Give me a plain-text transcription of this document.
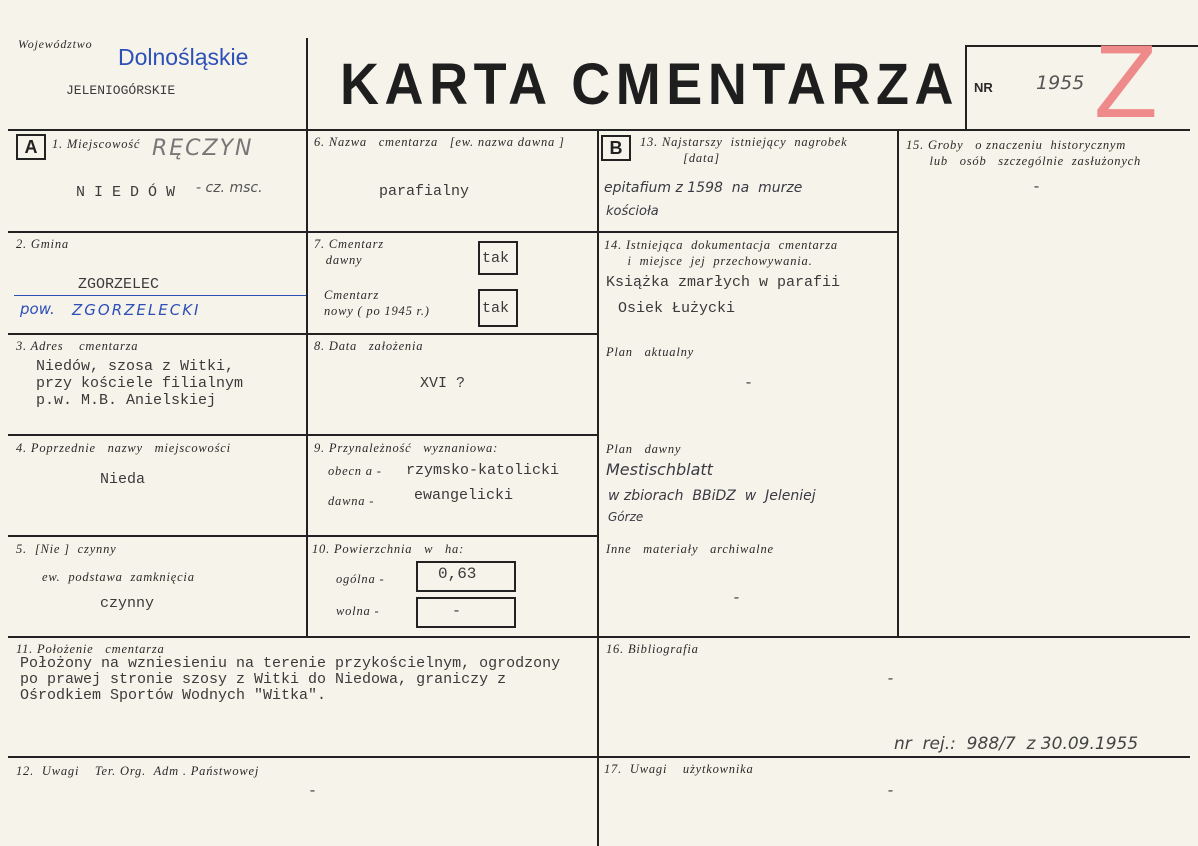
Województwo Dolnośląskie
JELENIOGÓRSKIE	KARTA CMENTARZA NR 1955 Z
A	1. Miejscowość RĘCZYN
N I E D Ó W - cz. msc.
2. Gmina
ZGORZELEC
pow. ZGORZELECKI
3. Adres    cmentarza
Niedów, szosa z Witki,
przy kościele filialnym
p.w. M.B. Anielskiej
4. Poprzednie   nazwy   miejscowości
Nieda
5.  [Nie ]  czynny
ew.  podstawa  zamknięcia
czynny
6. Nazwa   cmentarza   [ew. nazwa dawna ]
parafialny
7. Cmentarz
dawny	tak
Cmentarz
nowy ( po 1945 r.)	tak
8. Data   założenia
XVI ?
9. Przynależność   wyznaniowa:
obecn a - rzymsko-katolicki
dawna -	ewangelicki
10. Powierzchnia   w   ha:
ogólna -	0,63
wolna -	-
B	13. Najstarszy  istniejący  nagrobek
[data]
epitafium z 1598  na  murze
kościoła
14. Istniejąca  dokumentacja  cmentarza
i  miejsce  jej  przechowywania.
Książka zmarłych w parafii
Osiek Łużycki
Plan   aktualny
-
Plan   dawny
Mestischblatt
w zbiorach  BBiDZ  w  Jeleniej
Górze
Inne   materiały   archiwalne
-
15. Groby   o znaczeniu  historycznym
lub   osób   szczególnie  zasłużonych
-
11. Położenie   cmentarza
Położony na wzniesieniu na terenie przykościelnym, ogrodzony
po prawej stronie szosy z Witki do Niedowa, graniczy z
Ośrodkiem Sportów Wodnych "Witka".
16. Bibliografia
-
nr  rej.:  988/7  z 30.09.1955
12.  Uwagi    Ter. Org.  Adm . Państwowej
-
17.  Uwagi    użytkownika
-
